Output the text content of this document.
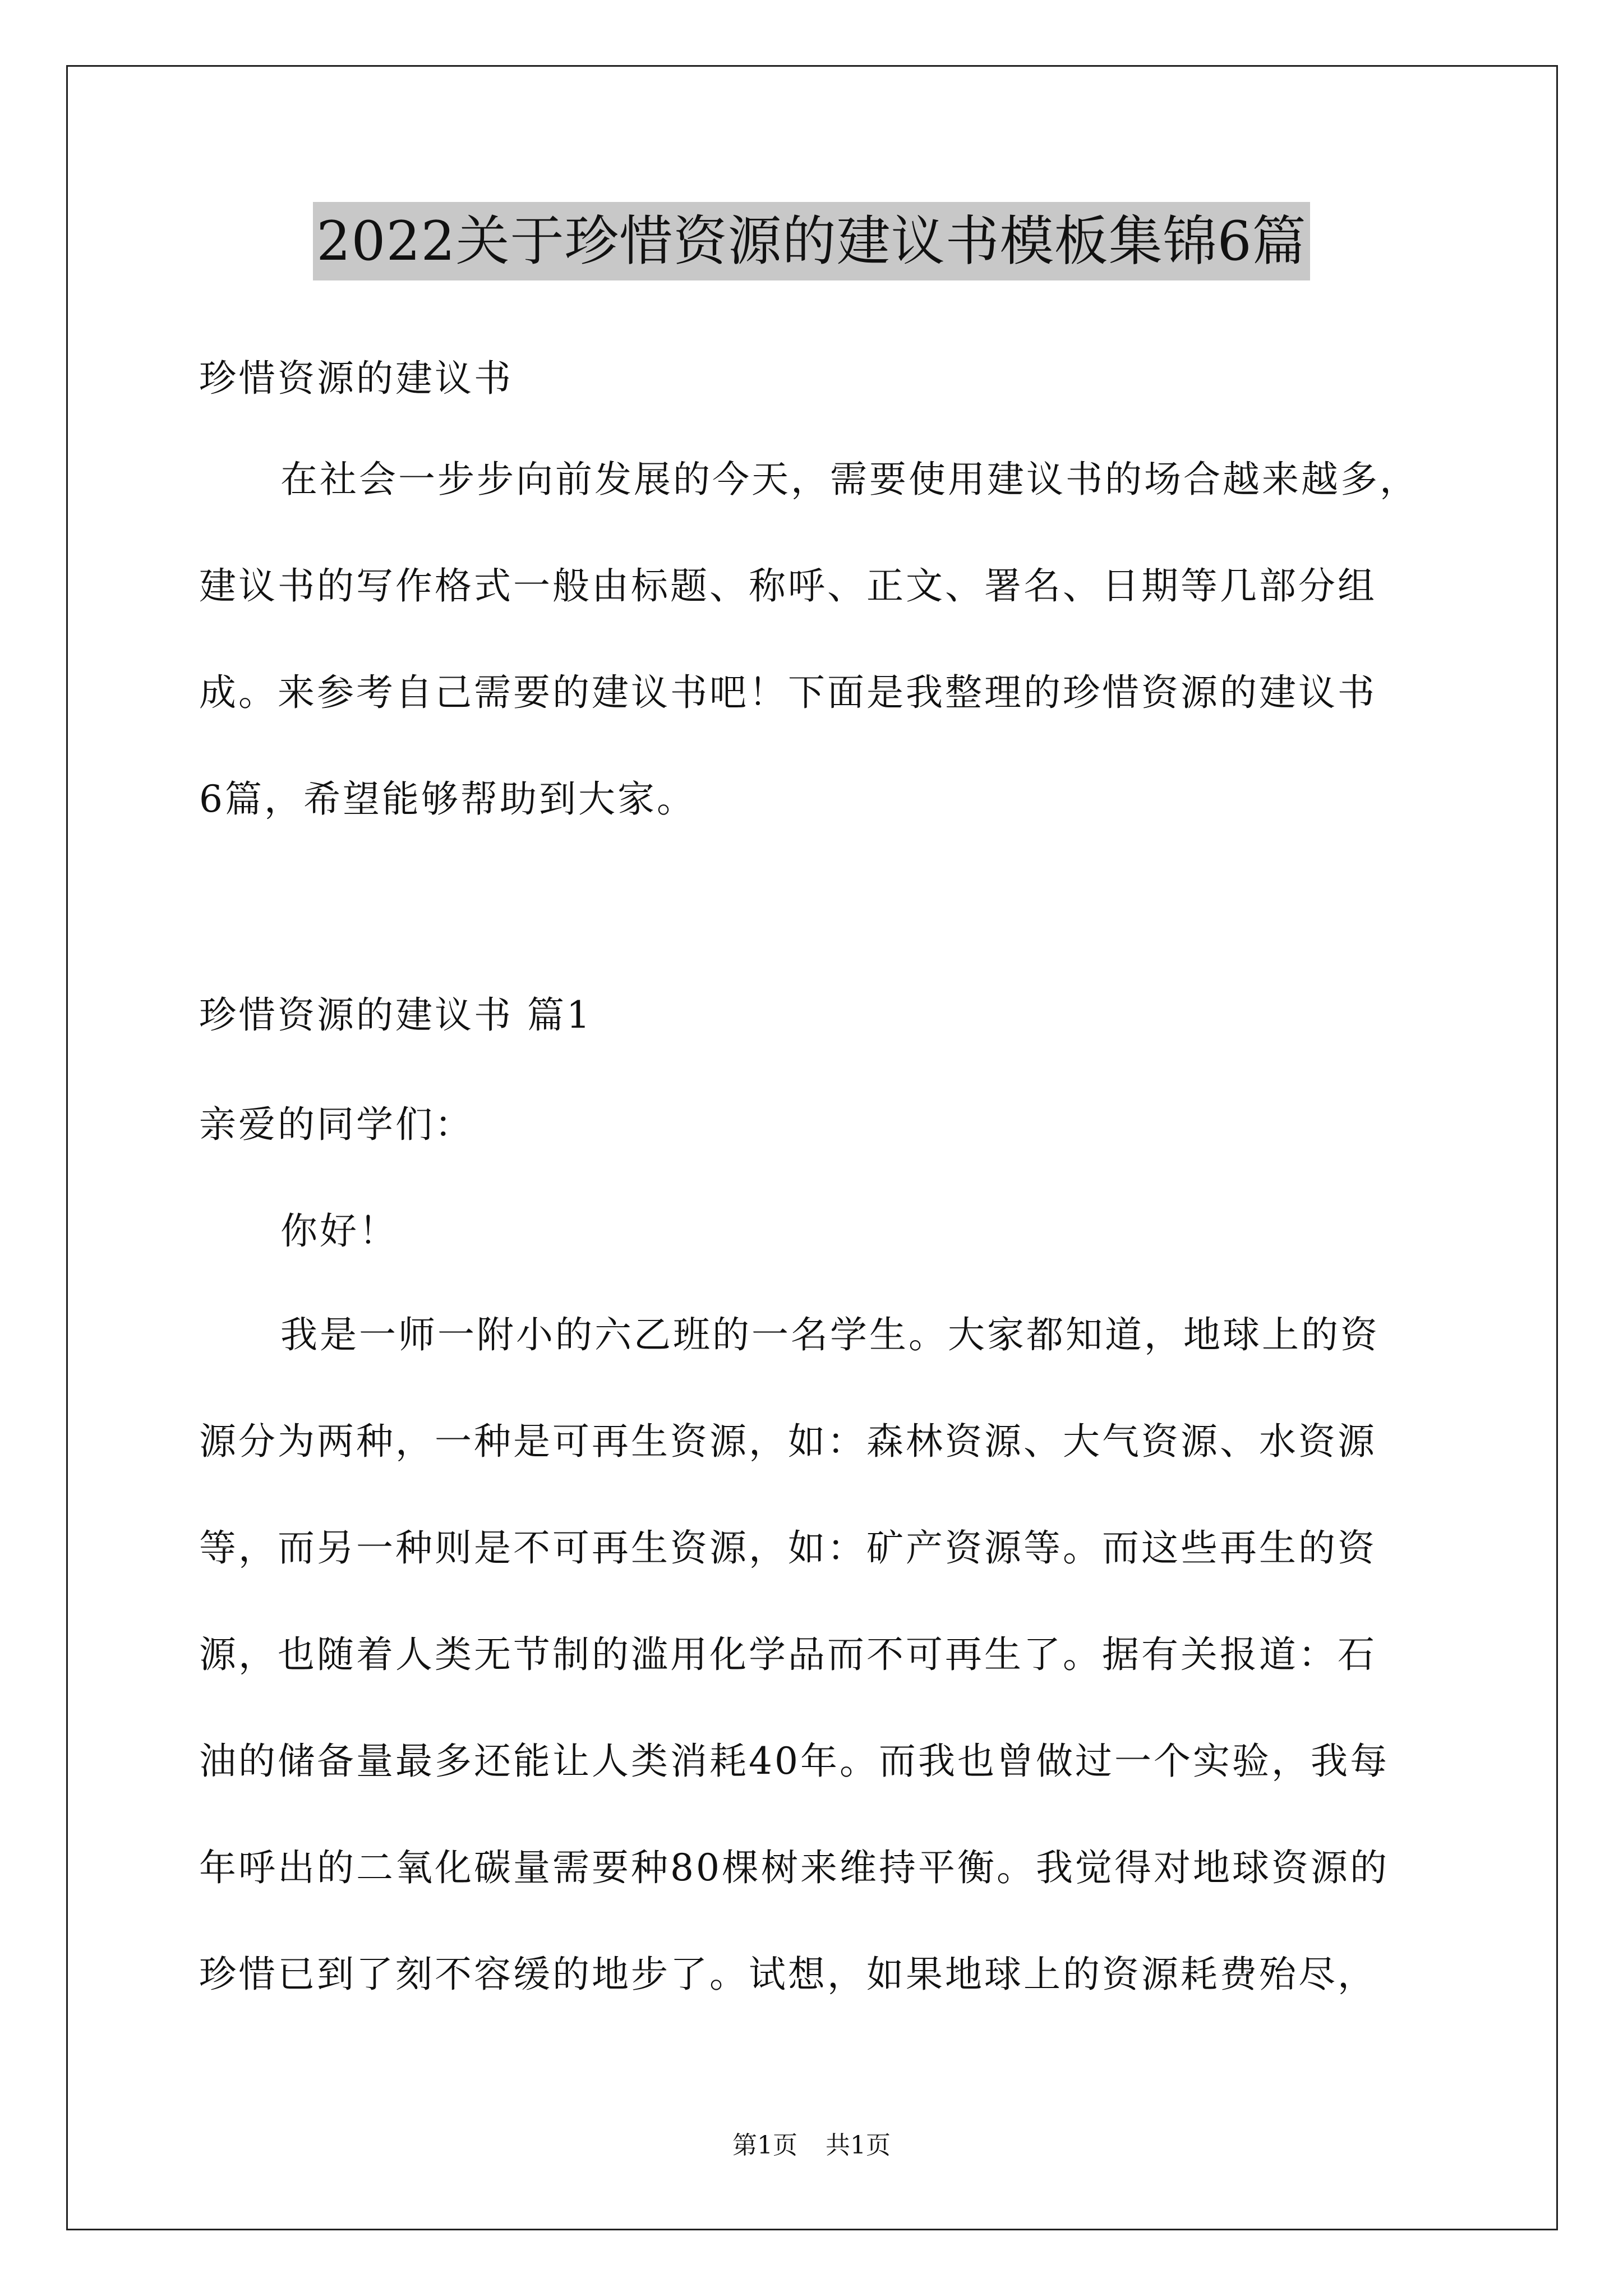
2022关于珍惜资源的建议书模板集锦6篇
珍惜资源的建议书
在社会一步步向前发展的今天，需要使用建议书的场合越来越多，
建议书的写作格式一般由标题、称呼、正文、署名、日期等几部分组
成。来参考自己需要的建议书吧！下面是我整理的珍惜资源的建议书
6篇，希望能够帮助到大家。
珍惜资源的建议书 篇1
亲爱的同学们：
你好！
我是一师一附小的六乙班的一名学生。大家都知道，地球上的资
源分为两种，一种是可再生资源，如：森林资源、大气资源、水资源
等，而另一种则是不可再生资源，如：矿产资源等。而这些再生的资
源，也随着人类无节制的滥用化学品而不可再生了。据有关报道：石
油的储备量最多还能让人类消耗40年。而我也曾做过一个实验，我每
年呼出的二氧化碳量需要种80棵树来维持平衡。我觉得对地球资源的
珍惜已到了刻不容缓的地步了。试想，如果地球上的资源耗费殆尽，
第1页 共1页
